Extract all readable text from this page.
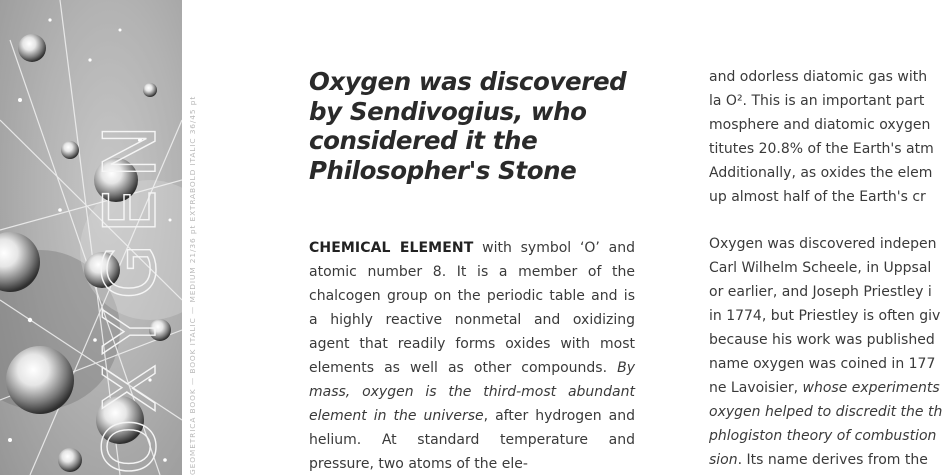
OXYGEN GEOMETRICA BOOK — BOOK ITALIC — MEDIUM 21/36 pt EXTRABOLD ITALIC 36/45 pt
Oxygen was discovered by Sendivogius, who considered it the Philosopher's Stone

CHEMICAL ELEMENT with symbol ‘O’ and atomic number 8. It is a member of the chalcogen group on the periodic table and is a highly reactive nonmetal and oxidizing agent that readily forms oxides with most elements as well as other compounds. By mass, oxygen is the third-most abundant element in the universe, after hydrogen and helium. At standard temperature and pressure, two atoms of the ele-

and odorless diatomic gas with

la O². This is an important part

mosphere and diatomic oxygen

titutes 20.8% of the Earth's atm

Additionally, as oxides the elem

up almost half of the Earth's cr

Oxygen was discovered indepen

Carl Wilhelm Scheele, in Uppsal

or earlier, and Joseph Priestley i

in 1774, but Priestley is often giv

because his work was published

name oxygen was coined in 177

ne Lavoisier, whose experiments

oxygen helped to discredit the th

phlogiston theory of combustion

sion. Its name derives from the
